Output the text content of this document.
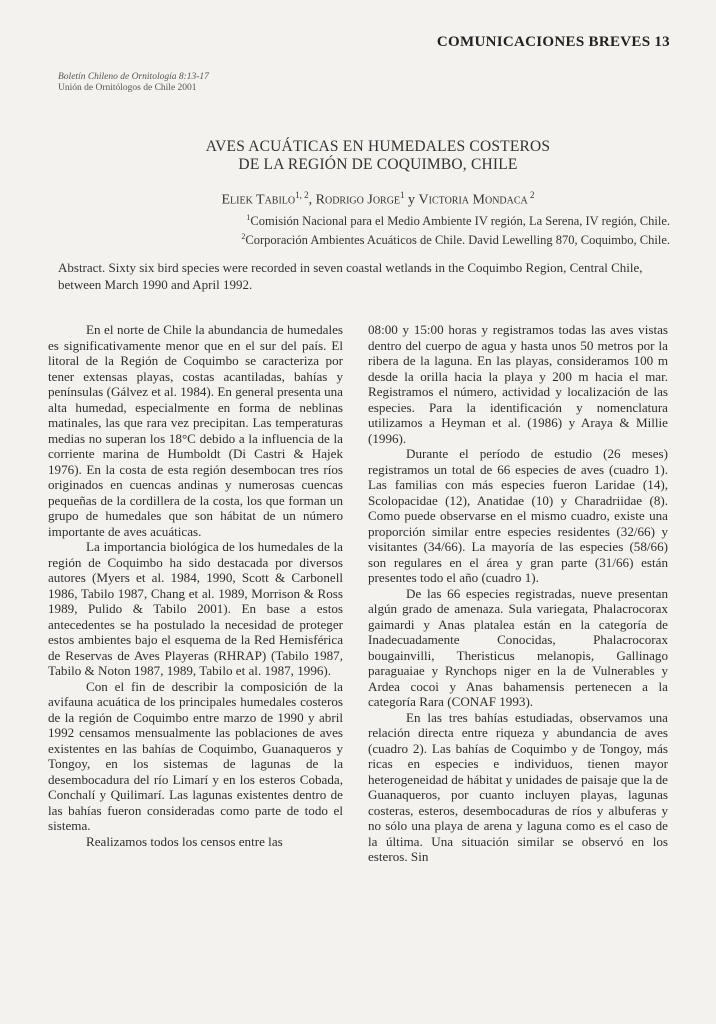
COMUNICACIONES BREVES 13
Boletín Chileno de Ornitología 8:13-17
Unión de Ornitólogos de Chile 2001
AVES ACUÁTICAS EN HUMEDALES COSTEROS
DE LA REGIÓN DE COQUIMBO, CHILE
Eliek Tabilo$^{1, 2}$, Rodrigo Jorge$^1$ y Victoria Mondaca $^2$
$^1$Comisión Nacional para el Medio Ambiente IV región, La Serena, IV región, Chile.
$^2$Corporación Ambientes Acuáticos de Chile. David Lewelling 870, Coquimbo, Chile.
Abstract. Sixty six bird species were recorded in seven coastal wetlands in the Coquimbo Region, Central Chile, between March 1990 and April 1992.

En el norte de Chile la abundancia de humedales es significativamente menor que en el sur del país. El litoral de la Región de Coquimbo se caracteriza por tener extensas playas, costas acantiladas, bahías y penínsulas (Gálvez et al. 1984). En general presenta una alta humedad, especialmente en forma de neblinas matinales, las que rara vez precipitan. Las temperaturas medias no superan los 18°C debido a la influencia de la corriente marina de Humboldt (Di Castri & Hajek 1976). En la costa de esta región desembocan tres ríos originados en cuencas andinas y numerosas cuencas pequeñas de la cordillera de la costa, los que forman un grupo de humedales que son hábitat de un número importante de aves acuáticas.

La importancia biológica de los humedales de la región de Coquimbo ha sido destacada por diversos autores (Myers et al. 1984, 1990, Scott & Carbonell 1986, Tabilo 1987, Chang et al. 1989, Morrison & Ross 1989, Pulido & Tabilo 2001). En base a estos antecedentes se ha postulado la necesidad de proteger estos ambientes bajo el esquema de la Red Hemisférica de Reservas de Aves Playeras (RHRAP) (Tabilo 1987, Tabilo & Noton 1987, 1989, Tabilo et al. 1987, 1996).

Con el fin de describir la composición de la avifauna acuática de los principales humedales costeros de la región de Coquimbo entre marzo de 1990 y abril 1992 censamos mensualmente las poblaciones de aves existentes en las bahías de Coquimbo, Guanaqueros y Tongoy, en los sistemas de lagunas de la desembocadura del río Limarí y en los esteros Cobada, Conchalí y Quilimarí. Las lagunas existentes dentro de las bahías fueron consideradas como parte de todo el sistema.

Realizamos todos los censos entre las

08:00 y 15:00 horas y registramos todas las aves vistas dentro del cuerpo de agua y hasta unos 50 metros por la ribera de la laguna. En las playas, consideramos 100 m desde la orilla hacia la playa y 200 m hacia el mar. Registramos el número, actividad y localización de las especies. Para la identificación y nomenclatura utilizamos a Heyman et al. (1986) y Araya & Millie (1996).

Durante el período de estudio (26 meses) registramos un total de 66 especies de aves (cuadro 1). Las familias con más especies fueron Laridae (14), Scolopacidae (12), Anatidae (10) y Charadriidae (8). Como puede observarse en el mismo cuadro, existe una proporción similar entre especies residentes (32/66) y visitantes (34/66). La mayoría de las especies (58/66) son regulares en el área y gran parte (31/66) están presentes todo el año (cuadro 1).

De las 66 especies registradas, nueve presentan algún grado de amenaza. Sula variegata, Phalacrocorax gaimardi y Anas platalea están en la categoría de Inadecuadamente Conocidas, Phalacrocorax bougainvilli, Theristicus melanopis, Gallinago paraguaiae y Rynchops niger en la de Vulnerables y Ardea cocoi y Anas bahamensis pertenecen a la categoría Rara (CONAF 1993).

En las tres bahías estudiadas, observamos una relación directa entre riqueza y abundancia de aves (cuadro 2). Las bahías de Coquimbo y de Tongoy, más ricas en especies e individuos, tienen mayor heterogeneidad de hábitat y unidades de paisaje que la de Guanaqueros, por cuanto incluyen playas, lagunas costeras, esteros, desembocaduras de ríos y albuferas y no sólo una playa de arena y laguna como es el caso de la última. Una situación similar se observó en los esteros. Sin
